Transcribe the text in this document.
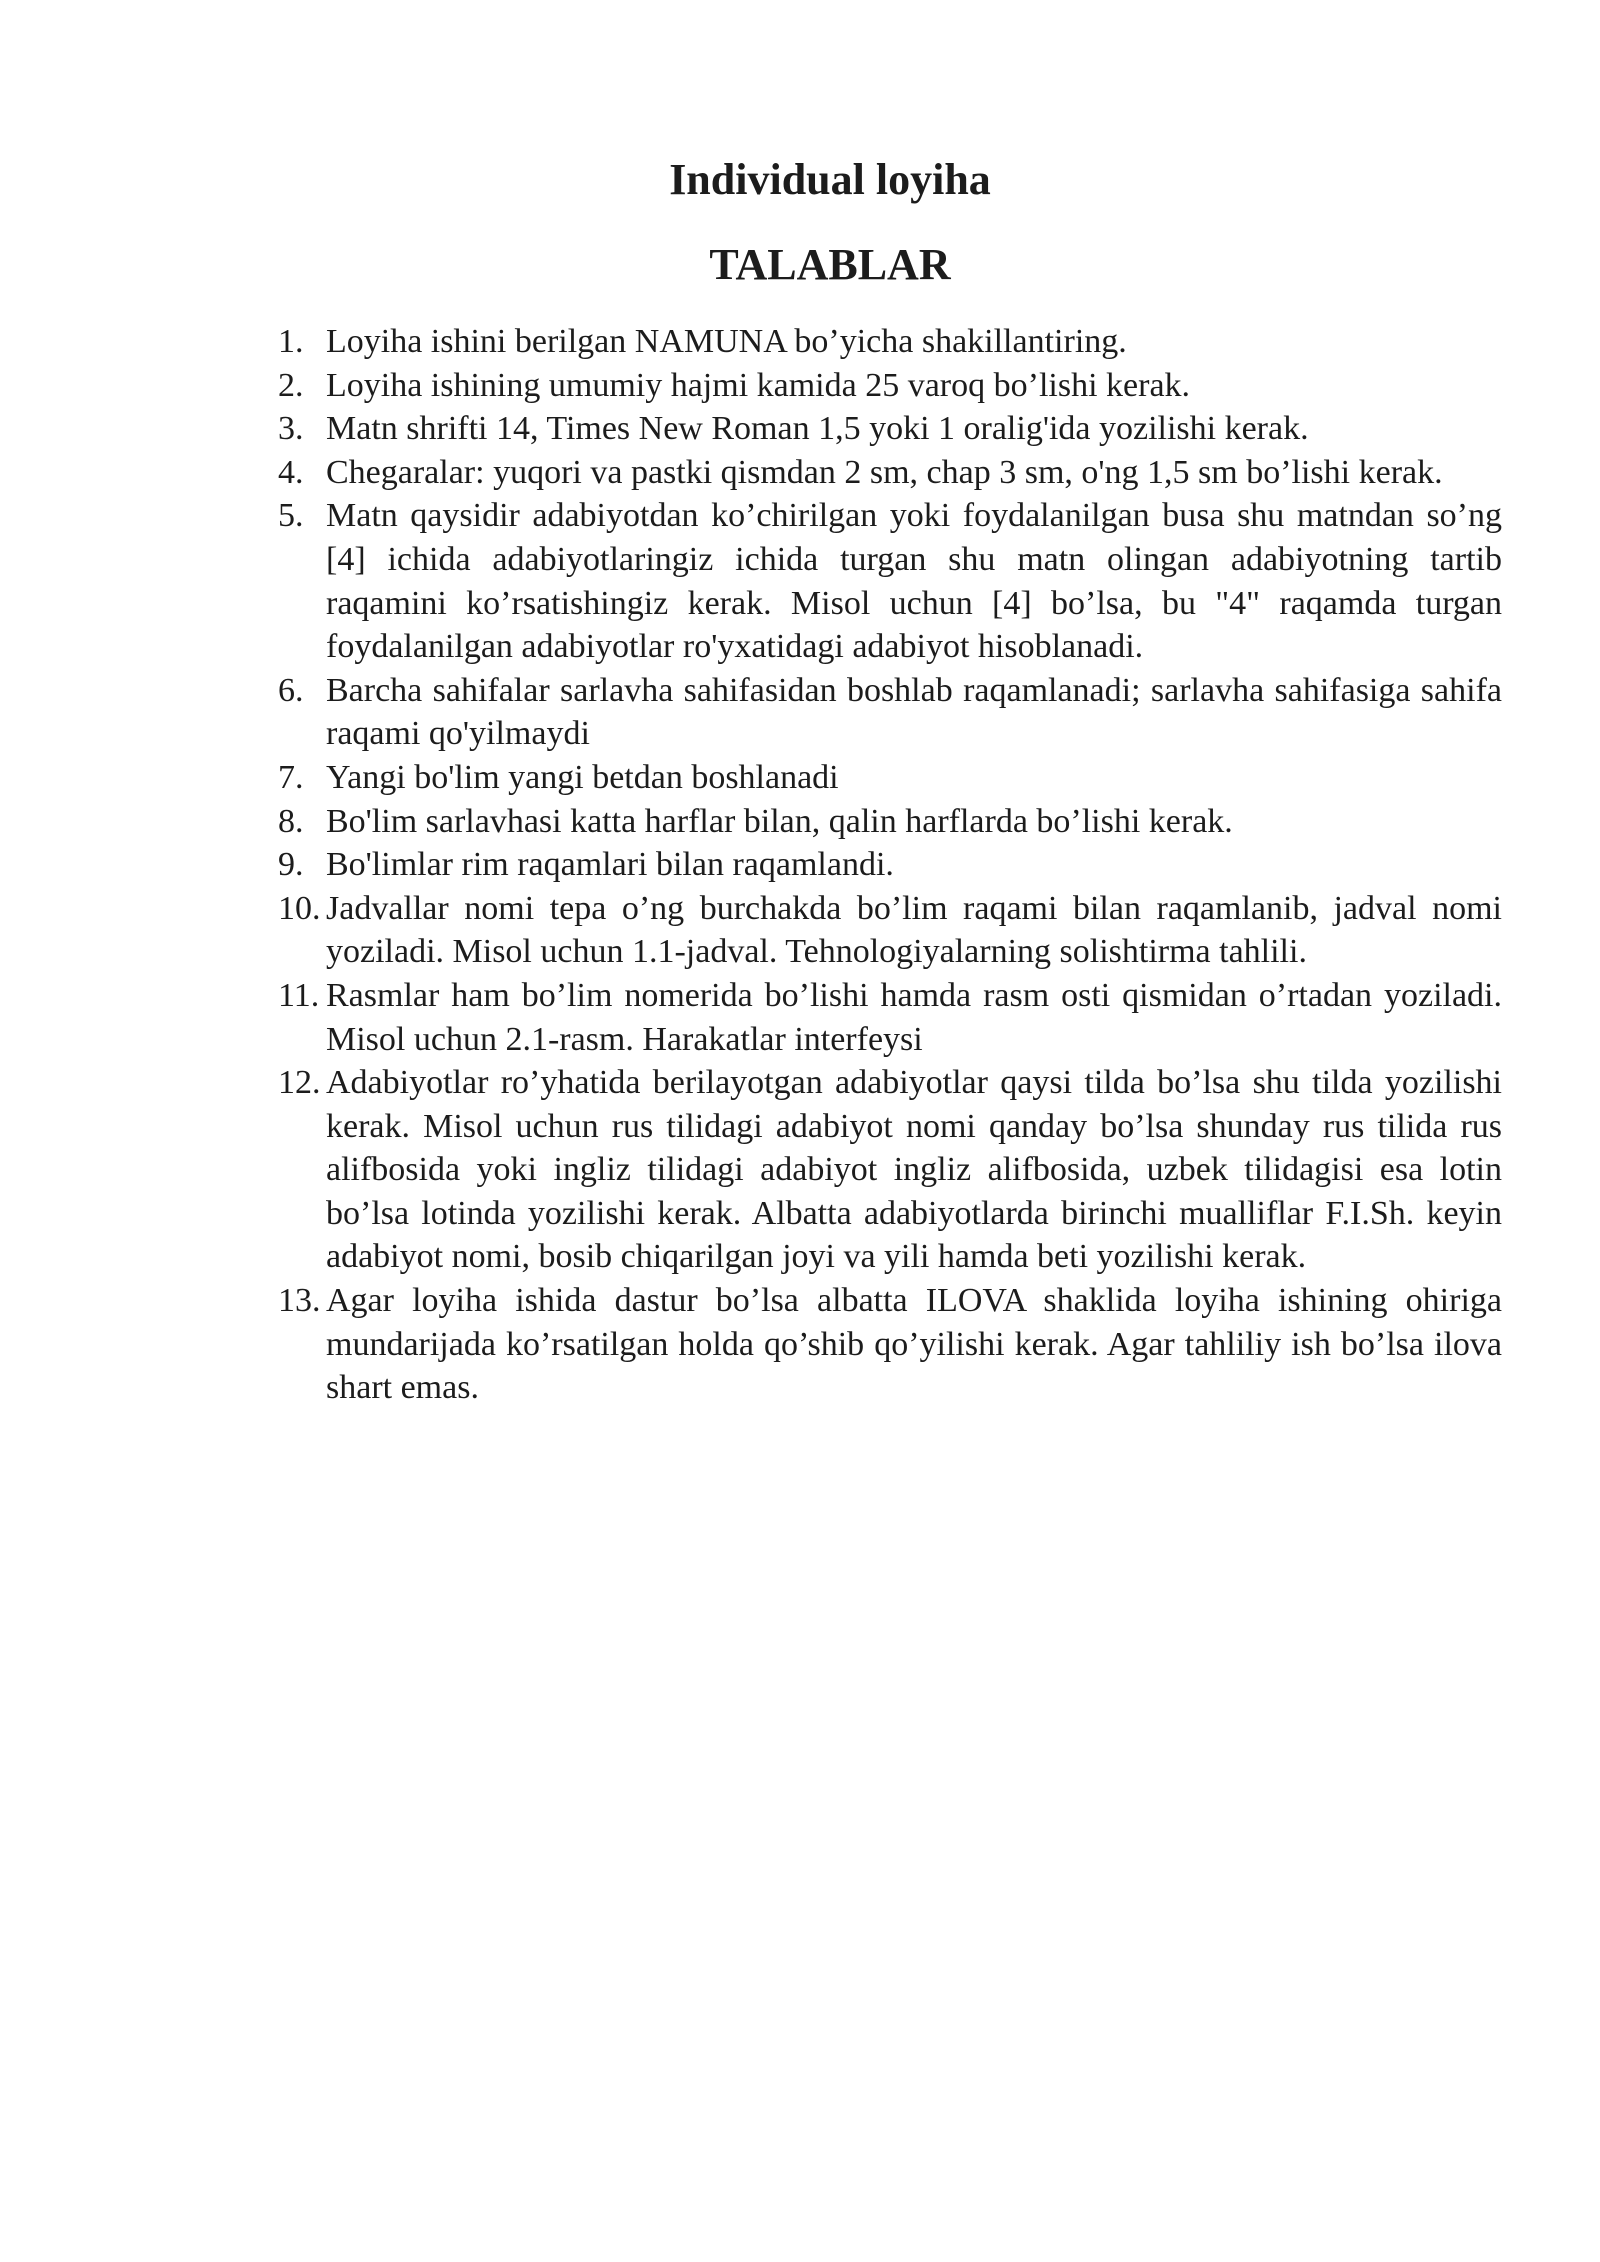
Individual loyiha
TALABLAR
1. Loyiha ishini berilgan NAMUNA bo’yicha shakillantiring.
2. Loyiha ishining umumiy hajmi kamida 25 varoq bo’lishi kerak.
3. Matn shrifti 14, Times New Roman 1,5 yoki 1 oralig'ida yozilishi kerak.
4. Chegaralar: yuqori va pastki qismdan 2 sm, chap 3 sm, o'ng 1,5 sm bo’lishi kerak.
5. Matn qaysidir adabiyotdan ko’chirilgan yoki foydalanilgan busa shu matndan so’ng [4] ichida adabiyotlaringiz ichida turgan shu matn olingan adabiyotning tartib raqamini ko’rsatishingiz kerak. Misol uchun [4] bo’lsa, bu "4" raqamda turgan foydalanilgan adabiyotlar ro'yxatidagi adabiyot hisoblanadi.
6. Barcha sahifalar sarlavha sahifasidan boshlab raqamlanadi; sarlavha sahifasiga sahifa raqami qo'yilmaydi
7. Yangi bo'lim yangi betdan boshlanadi
8. Bo'lim sarlavhasi katta harflar bilan, qalin harflarda bo’lishi kerak.
9. Bo'limlar rim raqamlari bilan raqamlandi.
10. Jadvallar nomi tepa o’ng burchakda bo’lim raqami bilan raqamlanib, jadval nomi yoziladi. Misol uchun 1.1-jadval. Tehnologiyalarning solishtirma tahlili.
11. Rasmlar ham bo’lim nomerida bo’lishi hamda rasm osti qismidan o’rtadan yoziladi. Misol uchun 2.1-rasm. Harakatlar interfeysi
12. Adabiyotlar ro’yhatida berilayotgan adabiyotlar qaysi tilda bo’lsa shu tilda yozilishi kerak. Misol uchun rus tilidagi adabiyot nomi qanday bo’lsa shunday rus tilida rus alifbosida yoki ingliz tilidagi adabiyot ingliz alifbosida, uzbek tilidagisi esa lotin bo’lsa lotinda yozilishi kerak. Albatta adabiyotlarda birinchi mualliflar F.I.Sh. keyin adabiyot nomi, bosib chiqarilgan joyi va yili hamda beti yozilishi kerak.
13. Agar loyiha ishida dastur bo’lsa albatta ILOVA shaklida loyiha ishining ohiriga mundarijada ko’rsatilgan holda qo’shib qo’yilishi kerak. Agar tahliliy ish bo’lsa ilova shart emas.
